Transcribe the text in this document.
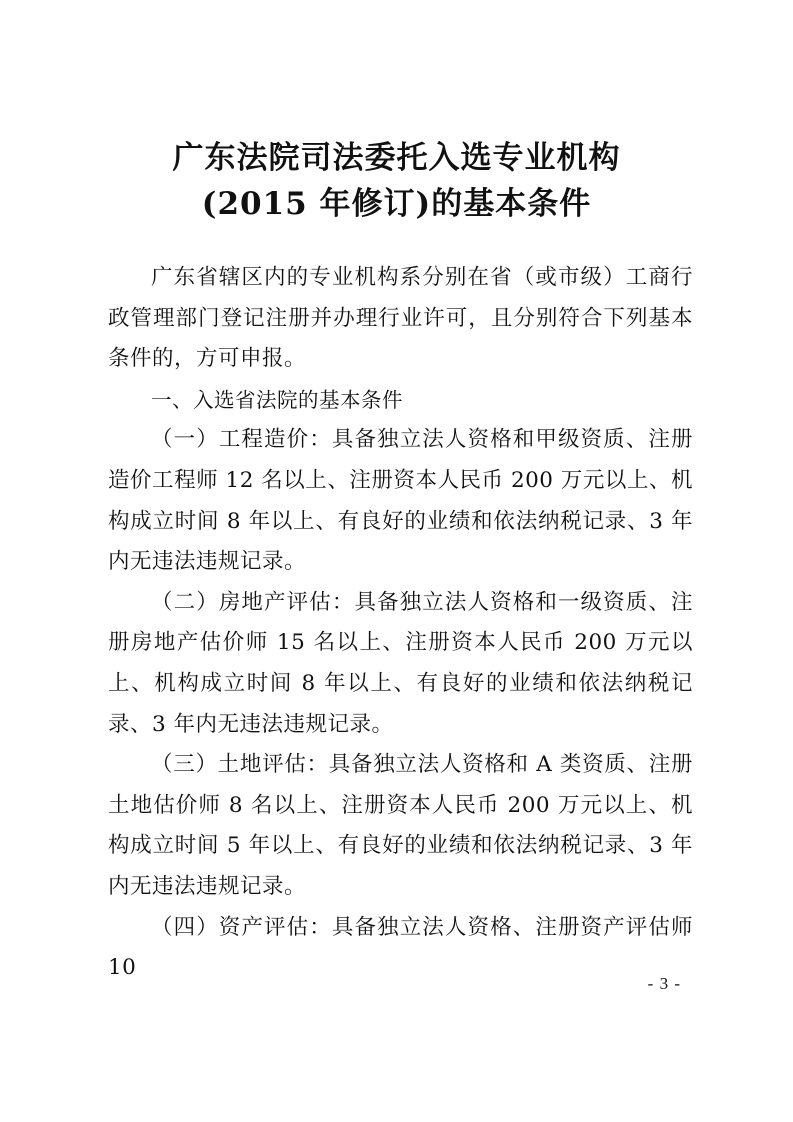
广东法院司法委托入选专业机构
(2015 年修订)的基本条件

广东省辖区内的专业机构系分别在省（或市级）工商行政管理部门登记注册并办理行业许可，且分别符合下列基本条件的，方可申报。

一、入选省法院的基本条件

（一）工程造价：具备独立法人资格和甲级资质、注册造价工程师 12 名以上、注册资本人民币 200 万元以上、机构成立时间 8 年以上、有良好的业绩和依法纳税记录、3 年内无违法违规记录。

（二）房地产评估：具备独立法人资格和一级资质、注册房地产估价师 15 名以上、注册资本人民币 200 万元以上、机构成立时间 8 年以上、有良好的业绩和依法纳税记录、3 年内无违法违规记录。

（三）土地评估：具备独立法人资格和 A 类资质、注册土地估价师 8 名以上、注册资本人民币 200 万元以上、机构成立时间 5 年以上、有良好的业绩和依法纳税记录、3 年内无违法违规记录。

（四）资产评估：具备独立法人资格、注册资产评估师 10

- 3 -
